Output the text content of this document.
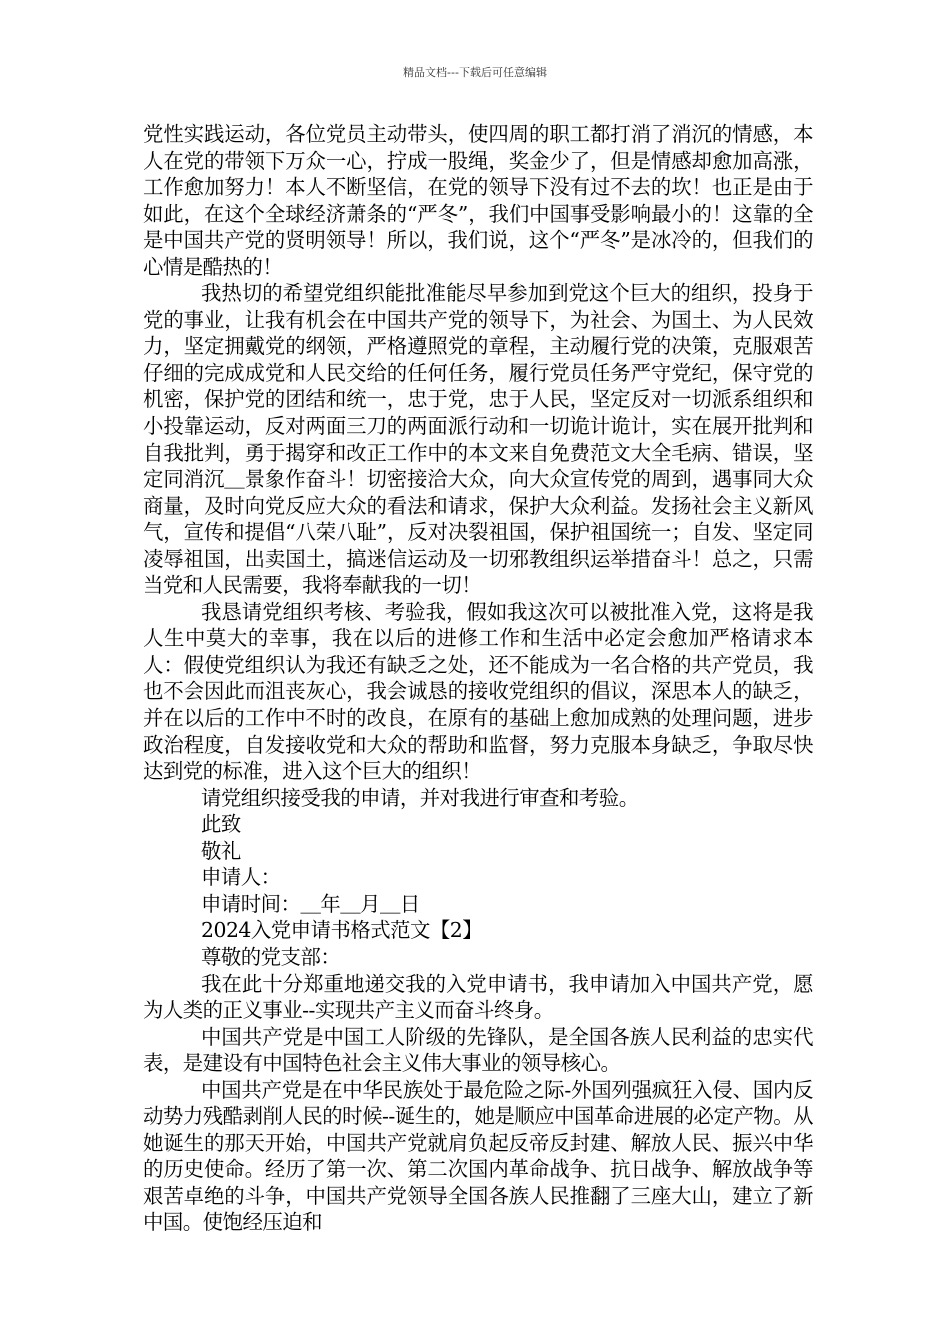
精品文档---下载后可任意编辑

党性实践运动，各位党员主动带头，使四周的职工都打消了消沉的情感，本人在党的带领下万众一心，拧成一股绳，奖金少了，但是情感却愈加高涨，工作愈加努力！本人不断坚信，在党的领导下没有过不去的坎！也正是由于如此，在这个全球经济萧条的“严冬”，我们中国事受影响最小的！这靠的全是中国共产党的贤明领导！所以，我们说，这个“严冬”是冰冷的，但我们的心情是酷热的！

我热切的希望党组织能批准能尽早参加到党这个巨大的组织，投身于党的事业，让我有机会在中国共产党的领导下，为社会、为国土、为人民效力，坚定拥戴党的纲领，严格遵照党的章程，主动履行党的决策，克服艰苦仔细的完成成党和人民交给的任何任务，履行党员任务严守党纪，保守党的机密，保护党的团结和统一，忠于党，忠于人民，坚定反对一切派系组织和小投靠运动，反对两面三刀的两面派行动和一切诡计诡计，实在展开批判和自我批判，勇于揭穿和改正工作中的本文来自免费范文大全毛病、错误，坚定同消沉＿景象作奋斗！切密接洽大众，向大众宣传党的周到，遇事同大众商量，及时向党反应大众的看法和请求，保护大众利益。发扬社会主义新风气，宣传和提倡“八荣八耻”，反对决裂祖国，保护祖国统一；自发、坚定同凌辱祖国，出卖国土，搞迷信运动及一切邪教组织运举措奋斗！总之，只需当党和人民需要，我将奉献我的一切！

我恳请党组织考核、考验我，假如我这次可以被批准入党，这将是我人生中莫大的幸事，我在以后的进修工作和生活中必定会愈加严格请求本人：假使党组织认为我还有缺乏之处，还不能成为一名合格的共产党员，我也不会因此而沮丧灰心，我会诚恳的接收党组织的倡议，深思本人的缺乏，并在以后的工作中不时的改良，在原有的基础上愈加成熟的处理问题，进步政治程度，自发接收党和大众的帮助和监督，努力克服本身缺乏，争取尽快达到党的标准，进入这个巨大的组织！

请党组织接受我的申请，并对我进行审查和考验。

此致

敬礼

申请人：

申请时间：＿年＿月＿日

2024入党申请书格式范文【2】

尊敬的党支部：

我在此十分郑重地递交我的入党申请书，我申请加入中国共产党，愿为人类的正义事业--实现共产主义而奋斗终身。

中国共产党是中国工人阶级的先锋队，是全国各族人民利益的忠实代表，是建设有中国特色社会主义伟大事业的领导核心。

中国共产党是在中华民族处于最危险之际-外国列强疯狂入侵、国内反动势力残酷剥削人民的时候--诞生的，她是顺应中国革命进展的必定产物。从她诞生的那天开始，中国共产党就肩负起反帝反封建、解放人民、振兴中华的历史使命。经历了第一次、第二次国内革命战争、抗日战争、解放战争等艰苦卓绝的斗争，中国共产党领导全国各族人民推翻了三座大山，建立了新中国。使饱经压迫和
